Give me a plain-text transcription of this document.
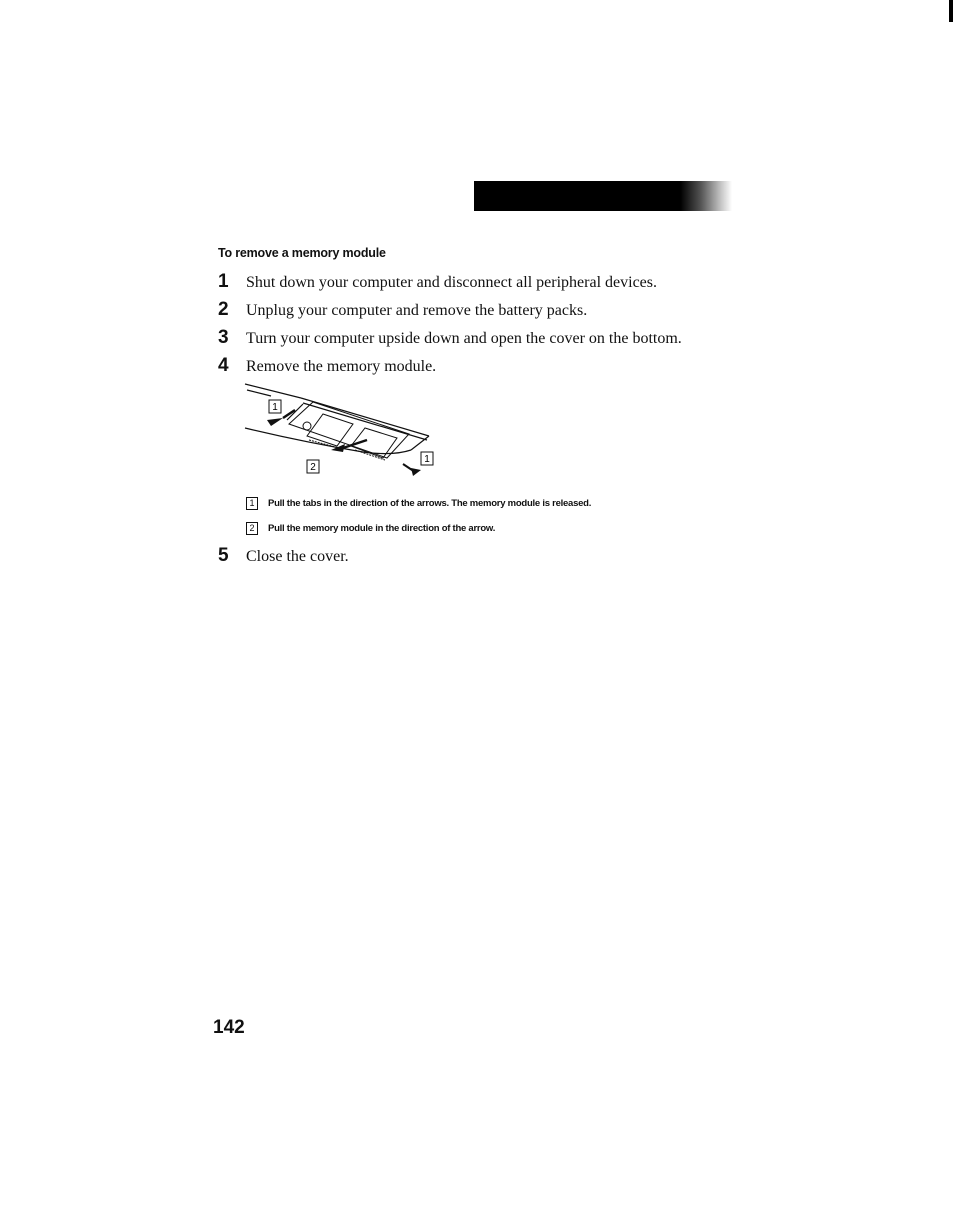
To remove a memory module
1	Shut down your computer and disconnect all peripheral devices.
2	Unplug your computer and remove the battery packs.
3	Turn your computer upside down and open the cover on the bottom.
4	Remove the memory module.
1
2
1
1	Pull the tabs in the direction of the arrows. The memory module is released.
2	Pull the memory module in the direction of the arrow.
5	Close the cover.
142
